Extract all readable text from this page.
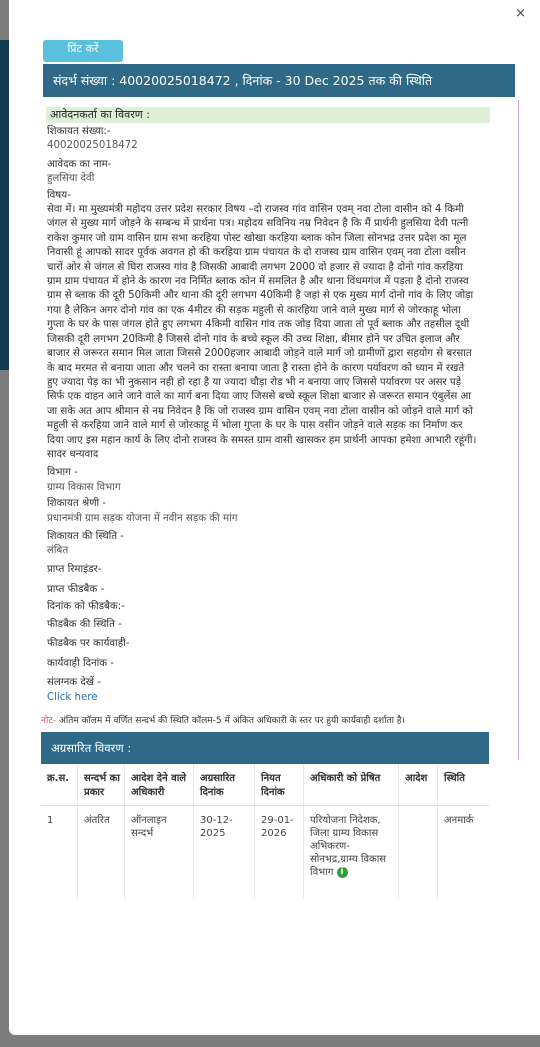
×
प्रिंट करें
संदर्भ संख्या : 40020025018472 , दिनांक - 30 Dec 2025 तक की स्थिति
आवेदनकर्ता का विवरण :
शिकायत संख्या:-
40020025018472
आवेदक का नाम-
हुलसिया देवी
विषय-
सेवा में। मा मुख्यमंत्री महोदय उत्तर प्रदेश सरकार विषय –दो राजस्व गांव वासिन एवम् नवा टोला वासीन को 4 किमी जंगल से मुख्य मार्ग जोड़ने के सम्बन्ध में प्रार्थना पत्र। महोदय सविनिय नम्र निवेदन है कि मैं प्रार्थनी हुलसिया देवी पत्नी राकेश कुमार जो ग्राम वासिन ग्राम सभा करहिया पोस्ट खोखा करहिया ब्लाक कोन जिला सोनभद्र उत्तर प्रदेश का मूल निवासी हूं आपको सादर पूर्वक अवगत हो की करहिया ग्राम पंचायत के दो राजस्व ग्राम वासिन एवम् नवा टोला वसीन चारों ओर से जंगल से घिरा राजस्व गांव है जिसकी आबादी लगभग 2000 दो हजार से ज्यादा है दोनो गांव करहिया ग्राम ग्राम पंचायत में होने के कारण नव निर्मित ब्लाक कोन में समलित है और थाना विंधमगंज में पड़ता है दोनो राजस्व ग्राम से ब्लाक की दूरी 50किमी और थाना की दूरी लगभग 40किमी है जहां से एक मुख्य मार्ग दोनो गांव के लिए जोड़ा गया है लेकिन अगर दोनो गांव का एक 4मीटर की सड़क महुली से कारहिया जाने वाले मुख्य मार्ग से जोरकाहू भोला गुप्ता के घर के पास जंगल होते हुए लगभग 4किमी वासिन गांव तक जोड़ दिया जाता तो पूर्व ब्लाक और तहसील दूधी जिसकी दूरी लगभग 20किमी है जिससे दोनो गांव के बच्चे स्कूल की उच्च शिक्षा, बीमार होने पर उचित इलाज और बाजार से जरूरत समान मिल जाता जिससे 2000हजार आबादी जोड़ने वाले मार्ग जो ग्रामीणों द्वारा सहयोग से बरसात के बाद मरमत से बनाया जाता और चलने का रास्ता बनाया जाता है रास्ता होने के कारण पर्यावरण को ध्यान में रखते हुए ज्यादा पेड़ का भी नुकसान नही हो रहा है या ज्यादा चौड़ा रोड भी न बनाया जाए जिससे पर्यावरण पर असर पड़े सिर्फ एक वाहन आने जाने वाले का मार्ग बना दिया जाए जिससे बच्चे स्कूल शिक्षा बाजार से जरूरत समान एंबुलेंस आ जा सके अत आप श्रीमान से नम्र निवेदन है कि जो राजस्व ग्राम वासिन एवम् नवा टोला वासीन को जोड़ने वाले मार्ग को महुली से करहिया जाने वाले मार्ग से जोरकाहू में भोला गुप्ता के घर के पास वसीन जोड़ने वाले सड़क का निर्माण कर दिया जाए इस महान कार्य के लिए दोनो राजस्व के समस्त ग्राम वासी खासकर हम प्रार्थनी आपका हमेशा आभारी रहूंगी। सादर धन्यवाद
विभाग -
ग्राम्य विकास विभाग
शिकायत श्रेणी -
प्रधानमंत्री ग्राम सड़क योजना में नवीन सड़क की मांग
शिकायत की स्थिति -
लंबित
प्राप्त रिमाइंडर-
प्राप्त फीडबैक -
दिनांक को फीडबैक:-
फीडबैक की स्थिति -
फीडबैक पर कार्यवाही-
कार्यवाही दिनांक -
संलग्नक देखें -
Click here
नोट- अंतिम कॉलम में वर्णित सन्दर्भ की स्थिति कॉलम-5 में अंकित अधिकारी के स्तर पर हुयी कार्यवाही दर्शाता है।
अग्रसारित विवरण :
क्र.स.	सन्दर्भ का प्रकार	आदेश देने वाले अधिकारी	अग्रसारित दिनांक	नियत दिनांक	अधिकारी को प्रेषित	आदेश	स्थिति
1	अंतरित	ऑनलाइन सन्दर्भ	30-12-2025	29-01-2026	परियोजना निदेशक, जिला ग्राम्य विकास अभिकरण-सोनभद्र,ग्राम्य विकास विभाग i		अनमार्क
